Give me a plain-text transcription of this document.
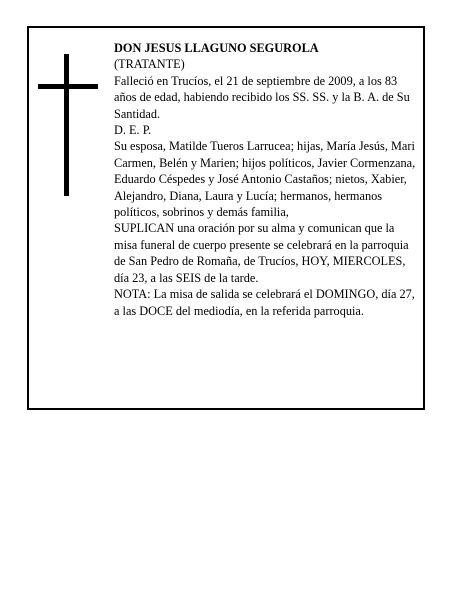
DON JESUS LLAGUNO SEGUROLA

(TRATANTE)

Falleció en Trucíos, el 21 de septiembre de 2009, a los 83 años de edad, habiendo recibido los SS. SS. y la B. A. de Su Santidad.

D. E. P.

Su esposa, Matilde Tueros Larrucea; hijas, María Jesús, Mari Carmen, Belén y Marien; hijos políticos, Javier Cormenzana, Eduardo Céspedes y José Antonio Castaños; nietos, Xabier, Alejandro, Diana, Laura y Lucía; hermanos, hermanos políticos, sobrinos y demás familia,

SUPLICAN una oración por su alma y comunican que la misa funeral de cuerpo presente se celebrará en la parroquia de San Pedro de Romaña, de Trucíos, HOY, MIERCOLES, día 23, a las SEIS de la tarde.

NOTA: La misa de salida se celebrará el DOMINGO, día 27, a las DOCE del mediodía, en la referida parroquia.
